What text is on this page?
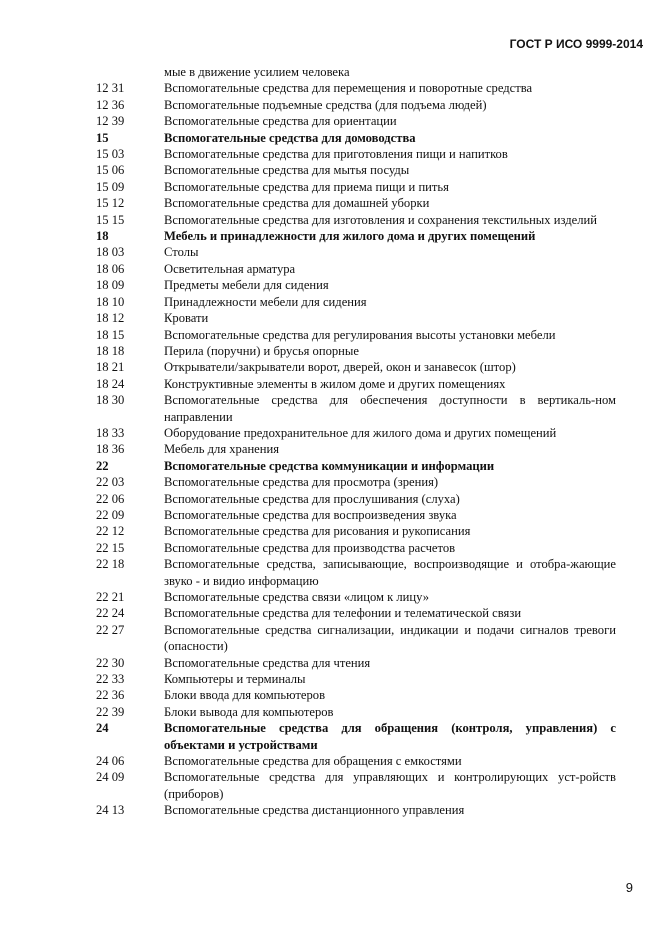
ГОСТ Р ИСО 9999-2014
мые в движение усилием человека
12 31	Вспомогательные средства для перемещения и поворотные средства
12 36	Вспомогательные подъемные средства (для подъема людей)
12 39	Вспомогательные средства для ориентации
15	Вспомогательные средства для домоводства
15 03	Вспомогательные средства для приготовления пищи и напитков
15 06	Вспомогательные средства для мытья посуды
15 09	Вспомогательные средства для приема пищи и питья
15 12	Вспомогательные средства для домашней уборки
15 15	Вспомогательные средства для изготовления и сохранения текстильных изделий
18	Мебель и принадлежности для жилого дома и других помещений
18 03	Столы
18 06	Осветительная арматура
18 09	Предметы мебели для сидения
18 10	Принадлежности мебели для сидения
18 12	Кровати
18 15	Вспомогательные средства для регулирования высоты установки мебели
18 18	Перила (поручни) и брусья опорные
18 21	Открыватели/закрыватели ворот, дверей, окон и занавесок (штор)
18 24	Конструктивные элементы в жилом доме и других помещениях
18 30	Вспомогательные средства для обеспечения доступности в вертикаль-ном направлении
18 33	Оборудование предохранительное для жилого дома и других помещений
18 36	Мебель для хранения
22	Вспомогательные средства коммуникации и информации
22 03	Вспомогательные средства для просмотра (зрения)
22 06	Вспомогательные средства для прослушивания (слуха)
22 09	Вспомогательные средства для воспроизведения звука
22 12	Вспомогательные средства для рисования и рукописания
22 15	Вспомогательные средства для производства расчетов
22 18	Вспомогательные средства, записывающие, воспроизводящие и отобра-жающие звуко - и видио информацию
22 21	Вспомогательные средства связи «лицом к лицу»
22 24	Вспомогательные средства для телефонии и телематической связи
22 27	Вспомогательные средства сигнализации, индикации и подачи сигналов тревоги (опасности)
22 30	Вспомогательные средства для чтения
22 33	Компьютеры и терминалы
22 36	Блоки ввода для компьютеров
22 39	Блоки вывода для компьютеров
24	Вспомогательные средства для обращения (контроля, управления) с объектами и устройствами
24 06	Вспомогательные средства для обращения с емкостями
24 09	Вспомогательные средства для управляющих и контролирующих уст-ройств (приборов)
24 13	Вспомогательные средства дистанционного управления
9
